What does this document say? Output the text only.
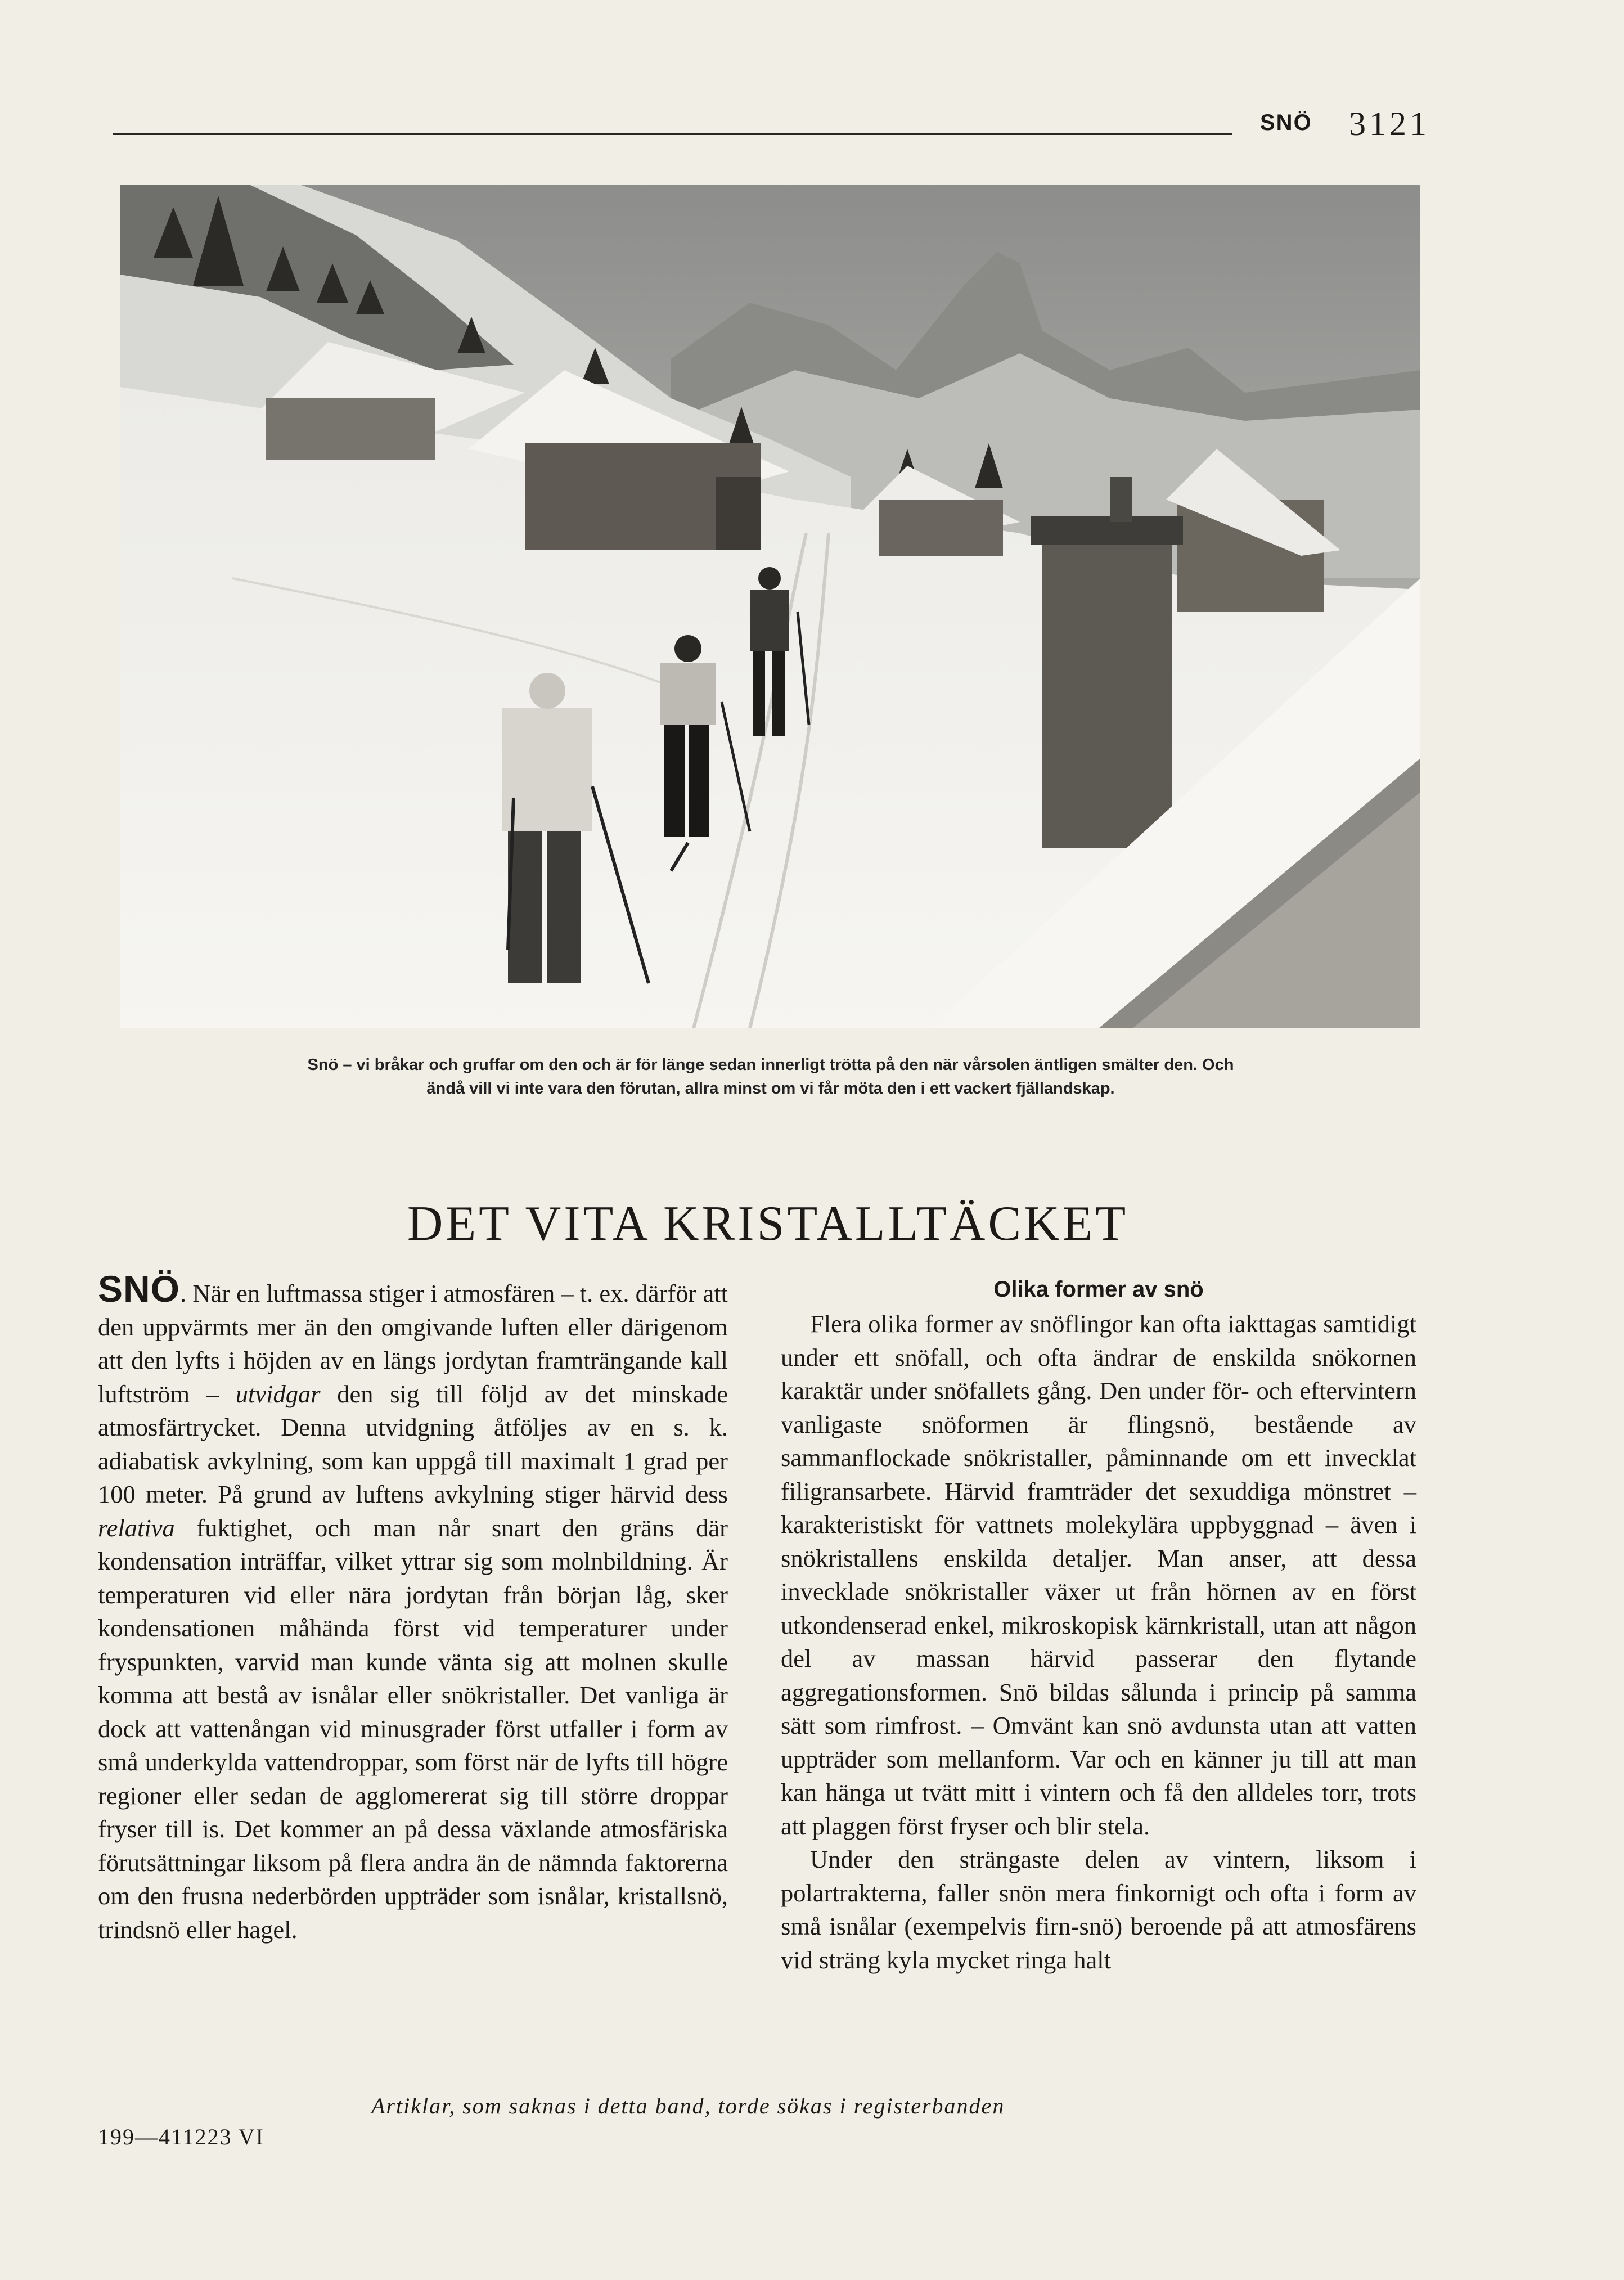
SNÖ 3121
Snö – vi bråkar och gruffar om den och är för länge sedan innerligt trötta på den när vårsolen äntligen smälter den. Och
ändå vill vi inte vara den förutan, allra minst om vi får möta den i ett vackert fjällandskap.
DET VITA KRISTALLTÄCKET

SNÖ. När en luftmassa stiger i atmosfären – t. ex. därför att den uppvärmts mer än den omgivande luften eller därigenom att den lyfts i höjden av en längs jordytan framträngande kall luftström – utvidgar den sig till följd av det minskade atmosfärtrycket. Denna utvidgning åtföljes av en s. k. adiabatisk avkylning, som kan uppgå till maximalt 1 grad per 100 meter. På grund av luftens avkylning stiger härvid dess relativa fuktighet, och man når snart den gräns där kondensation inträffar, vilket yttrar sig som molnbildning. Är temperaturen vid eller nära jordytan från början låg, sker kondensationen måhända först vid temperaturer under fryspunkten, varvid man kunde vänta sig att molnen skulle komma att bestå av isnålar eller snökristaller. Det vanliga är dock att vattenångan vid minusgrader först utfaller i form av små underkylda vattendroppar, som först när de lyfts till högre regioner eller sedan de agglomererat sig till större droppar fryser till is. Det kommer an på dessa växlande atmosfäriska förutsättningar liksom på flera andra än de nämnda faktorerna om den frusna nederbörden uppträder som isnålar, kristallsnö, trindsnö eller hagel.

Olika former av snö

Flera olika former av snöflingor kan ofta iakttagas samtidigt under ett snöfall, och ofta ändrar de enskilda snökornen karaktär under snöfallets gång. Den under för- och eftervintern vanligaste snöformen är flingsnö, bestående av sammanflockade snökristaller, påminnande om ett invecklat filigransarbete. Härvid framträder det sexuddiga mönstret – karakteristiskt för vattnets molekylära uppbyggnad – även i snökristallens enskilda detaljer. Man anser, att dessa invecklade snökristaller växer ut från hörnen av en först utkondenserad enkel, mikroskopisk kärnkristall, utan att någon del av massan härvid passerar den flytande aggregationsformen. Snö bildas sålunda i princip på samma sätt som rimfrost. – Omvänt kan snö avdunsta utan att vatten uppträder som mellanform. Var och en känner ju till att man kan hänga ut tvätt mitt i vintern och få den alldeles torr, trots att plaggen först fryser och blir stela.

Under den strängaste delen av vintern, liksom i polartrakterna, faller snön mera finkornigt och ofta i form av små isnålar (exempelvis firn-snö) beroende på att atmosfärens vid sträng kyla mycket ringa halt

Artiklar, som saknas i detta band, torde sökas i registerbanden
199—411223 VI
